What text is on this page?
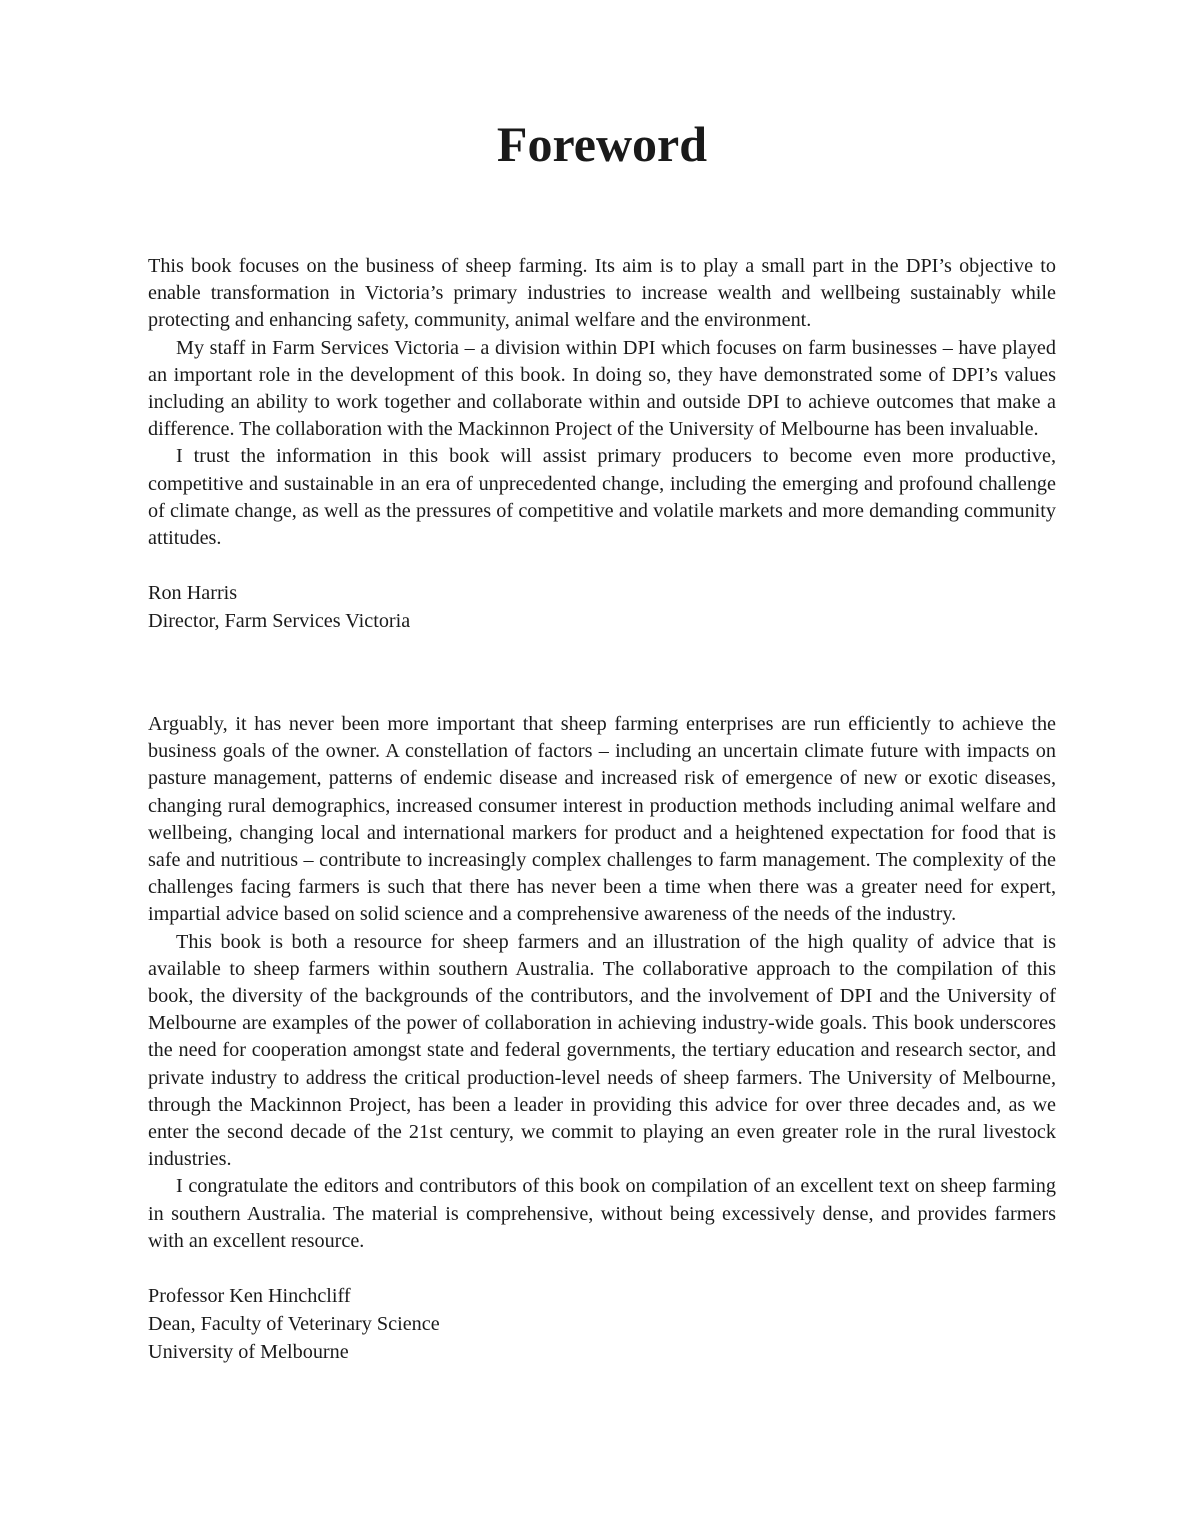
Foreword

This book focuses on the business of sheep farming. Its aim is to play a small part in the DPI’s objective to enable transformation in Victoria’s primary industries to increase wealth and wellbeing sustainably while protecting and enhancing safety, community, animal welfare and the environment.

My staff in Farm Services Victoria – a division within DPI which focuses on farm businesses – have played an important role in the development of this book. In doing so, they have demonstrated some of DPI’s values including an ability to work together and collaborate within and outside DPI to achieve outcomes that make a difference. The collaboration with the Mackinnon Project of the University of Melbourne has been invaluable.

I trust the information in this book will assist primary producers to become even more productive, competitive and sustainable in an era of unprecedented change, including the emerging and profound challenge of climate change, as well as the pressures of competitive and volatile markets and more demanding community attitudes.

Ron Harris
Director, Farm Services Victoria

Arguably, it has never been more important that sheep farming enterprises are run efficiently to achieve the business goals of the owner. A constellation of factors – including an uncertain climate future with impacts on pasture management, patterns of endemic disease and increased risk of emergence of new or exotic diseases, changing rural demographics, increased consumer interest in production methods including animal welfare and wellbeing, changing local and international markers for product and a heightened expectation for food that is safe and nutritious – contribute to increasingly complex challenges to farm management. The complexity of the challenges facing farmers is such that there has never been a time when there was a greater need for expert, impartial advice based on solid science and a comprehensive awareness of the needs of the industry.

This book is both a resource for sheep farmers and an illustration of the high quality of advice that is available to sheep farmers within southern Australia. The collaborative approach to the compilation of this book, the diversity of the backgrounds of the contributors, and the involvement of DPI and the University of Melbourne are examples of the power of collaboration in achieving industry-wide goals. This book underscores the need for cooperation amongst state and federal governments, the tertiary education and research sector, and private industry to address the critical production-level needs of sheep farmers. The University of Melbourne, through the Mackinnon Project, has been a leader in providing this advice for over three decades and, as we enter the second decade of the 21st century, we commit to playing an even greater role in the rural livestock industries.

I congratulate the editors and contributors of this book on compilation of an excellent text on sheep farming in southern Australia. The material is comprehensive, without being excessively dense, and provides farmers with an excellent resource.

Professor Ken Hinchcliff
Dean, Faculty of Veterinary Science
University of Melbourne
